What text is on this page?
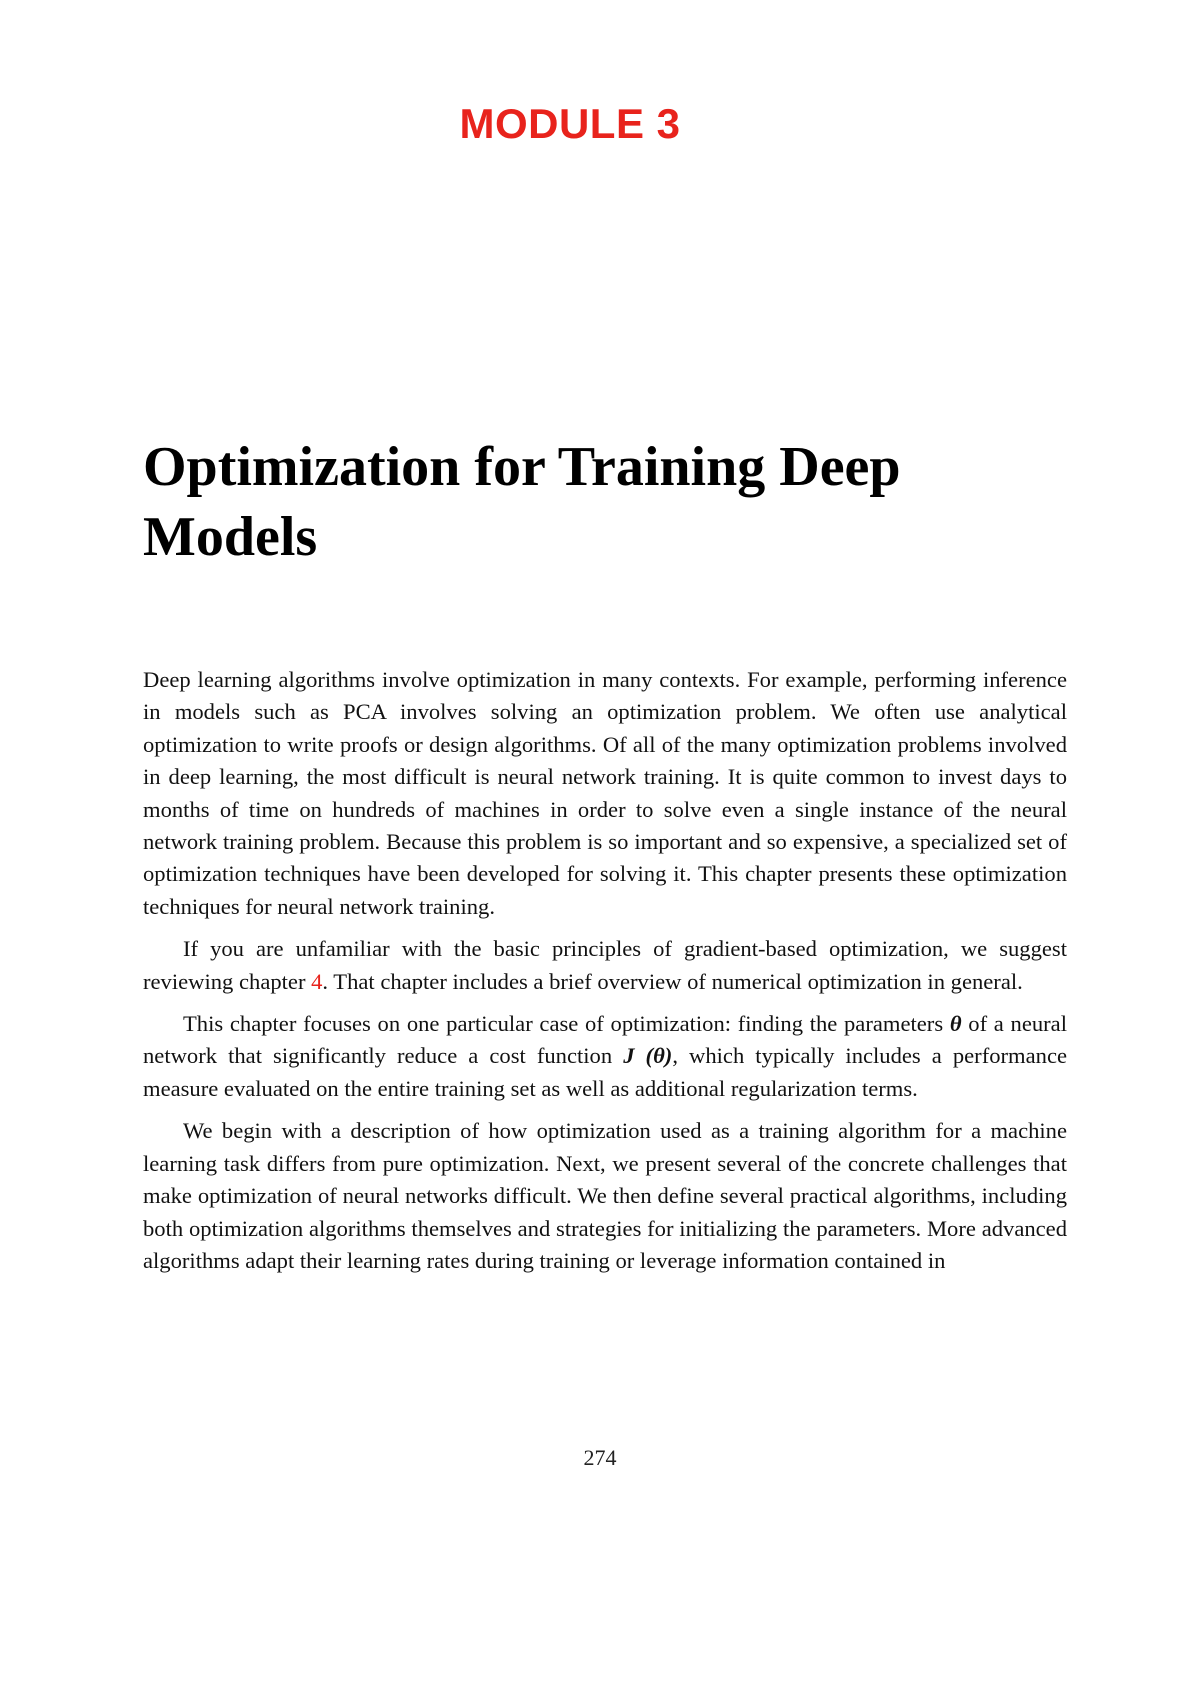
MODULE 3
Optimization for Training Deep Models

Deep learning algorithms involve optimization in many contexts. For example, performing inference in models such as PCA involves solving an optimization problem. We often use analytical optimization to write proofs or design algorithms. Of all of the many optimization problems involved in deep learning, the most difficult is neural network training. It is quite common to invest days to months of time on hundreds of machines in order to solve even a single instance of the neural network training problem. Because this problem is so important and so expensive, a specialized set of optimization techniques have been developed for solving it. This chapter presents these optimization techniques for neural network training.

If you are unfamiliar with the basic principles of gradient-based optimization, we suggest reviewing chapter 4. That chapter includes a brief overview of numerical optimization in general.

This chapter focuses on one particular case of optimization: finding the parameters θ of a neural network that significantly reduce a cost function J (θ), which typically includes a performance measure evaluated on the entire training set as well as additional regularization terms.

We begin with a description of how optimization used as a training algorithm for a machine learning task differs from pure optimization. Next, we present several of the concrete challenges that make optimization of neural networks difficult. We then define several practical algorithms, including both optimization algorithms themselves and strategies for initializing the parameters. More advanced algorithms adapt their learning rates during training or leverage information contained in

274
